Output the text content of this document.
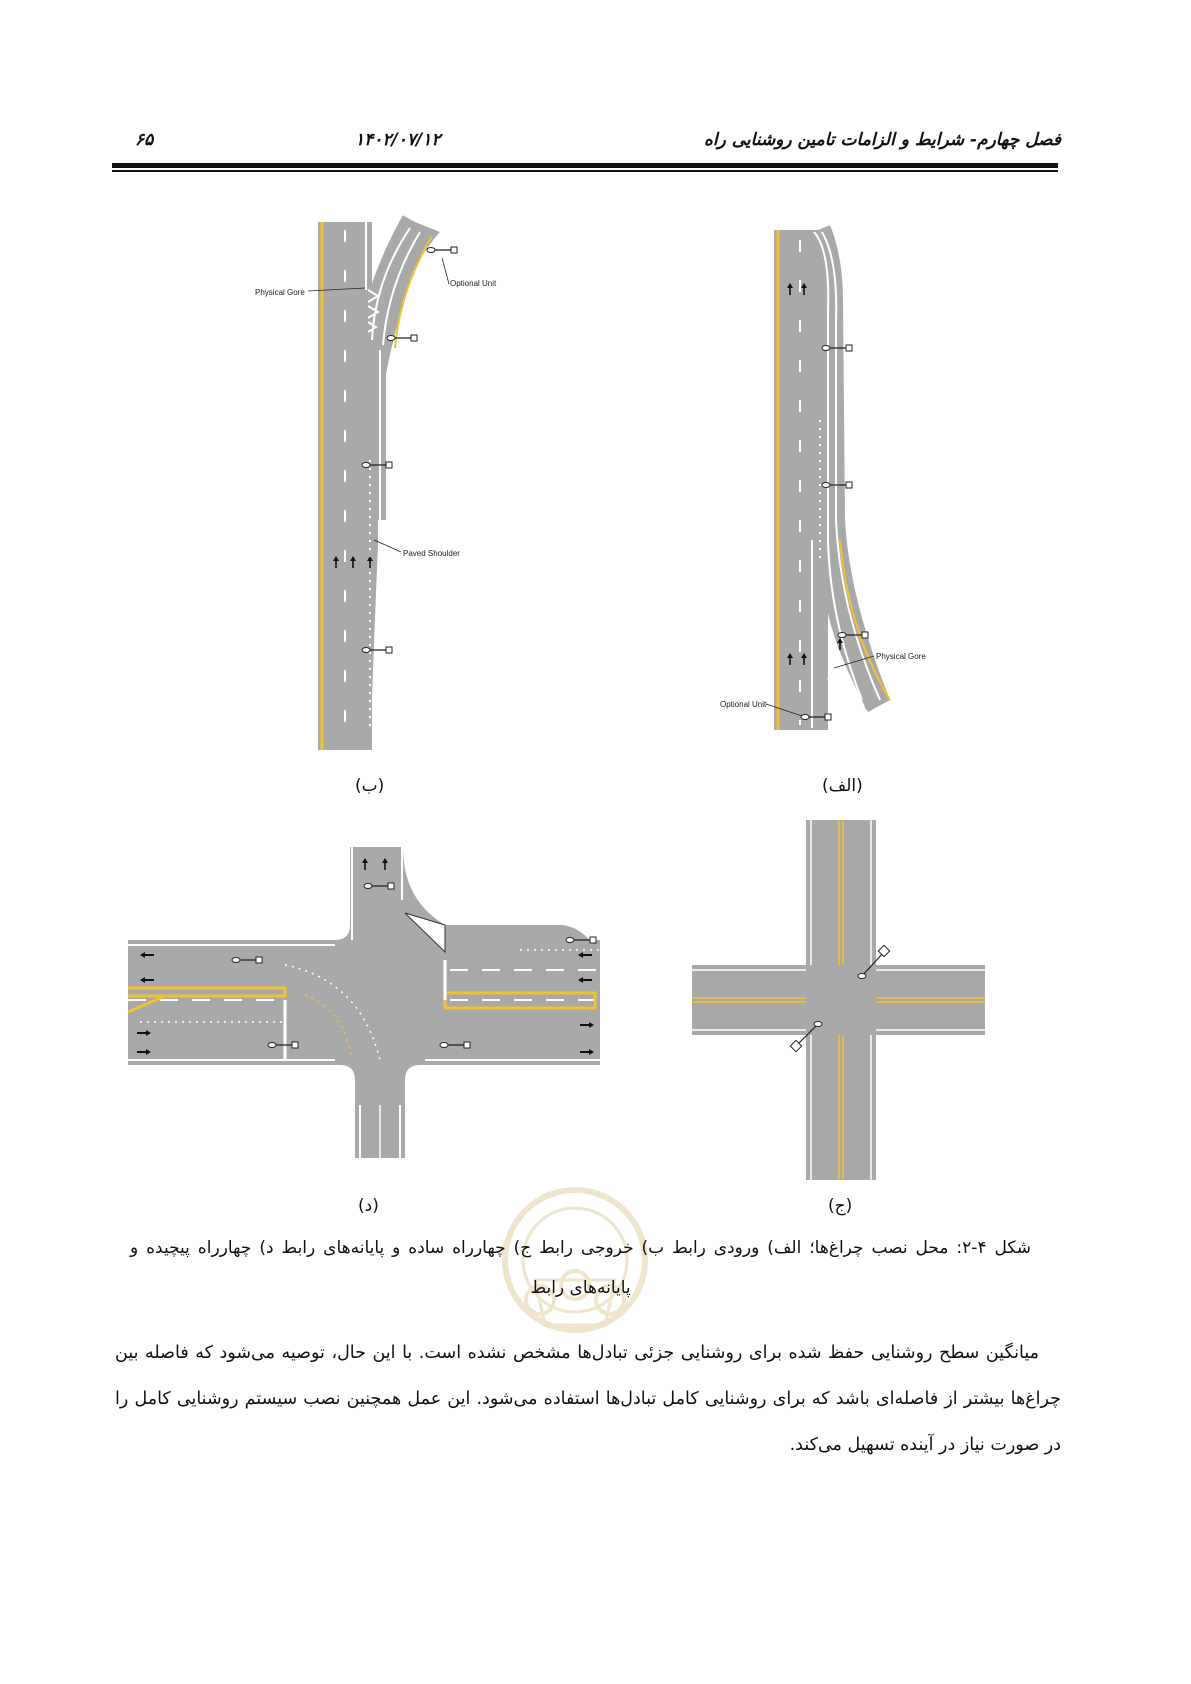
فصل چهارم- شرایط و الزامات تامین روشنایی راه
۱۴۰۲/۰۷/۱۲
۶۵
Physical Gore
Optional Unit
Paved Shoulder
Physical Gore
Optional Unit
(ب)	(الف)
(د)	(ج)
شکل ۴-۲: محل نصب چراغ‌ها؛ الف) ورودی رابط ب) خروجی رابط ج) چهارراه ساده و پایانه‌های رابط د) چهارراه پیچیده و پایانه‌های رابط

میانگین سطح روشنایی حفظ شده برای روشنایی جزئی تبادل‌ها مشخص نشده است. با این حال، توصیه می‌شود که فاصله بین چراغ‌ها بیشتر از فاصله‌ای باشد که برای روشنایی کامل تبادل‌ها استفاده می‌شود. این عمل همچنین نصب سیستم روشنایی کامل را در صورت نیاز در آینده تسهیل می‌کند.
